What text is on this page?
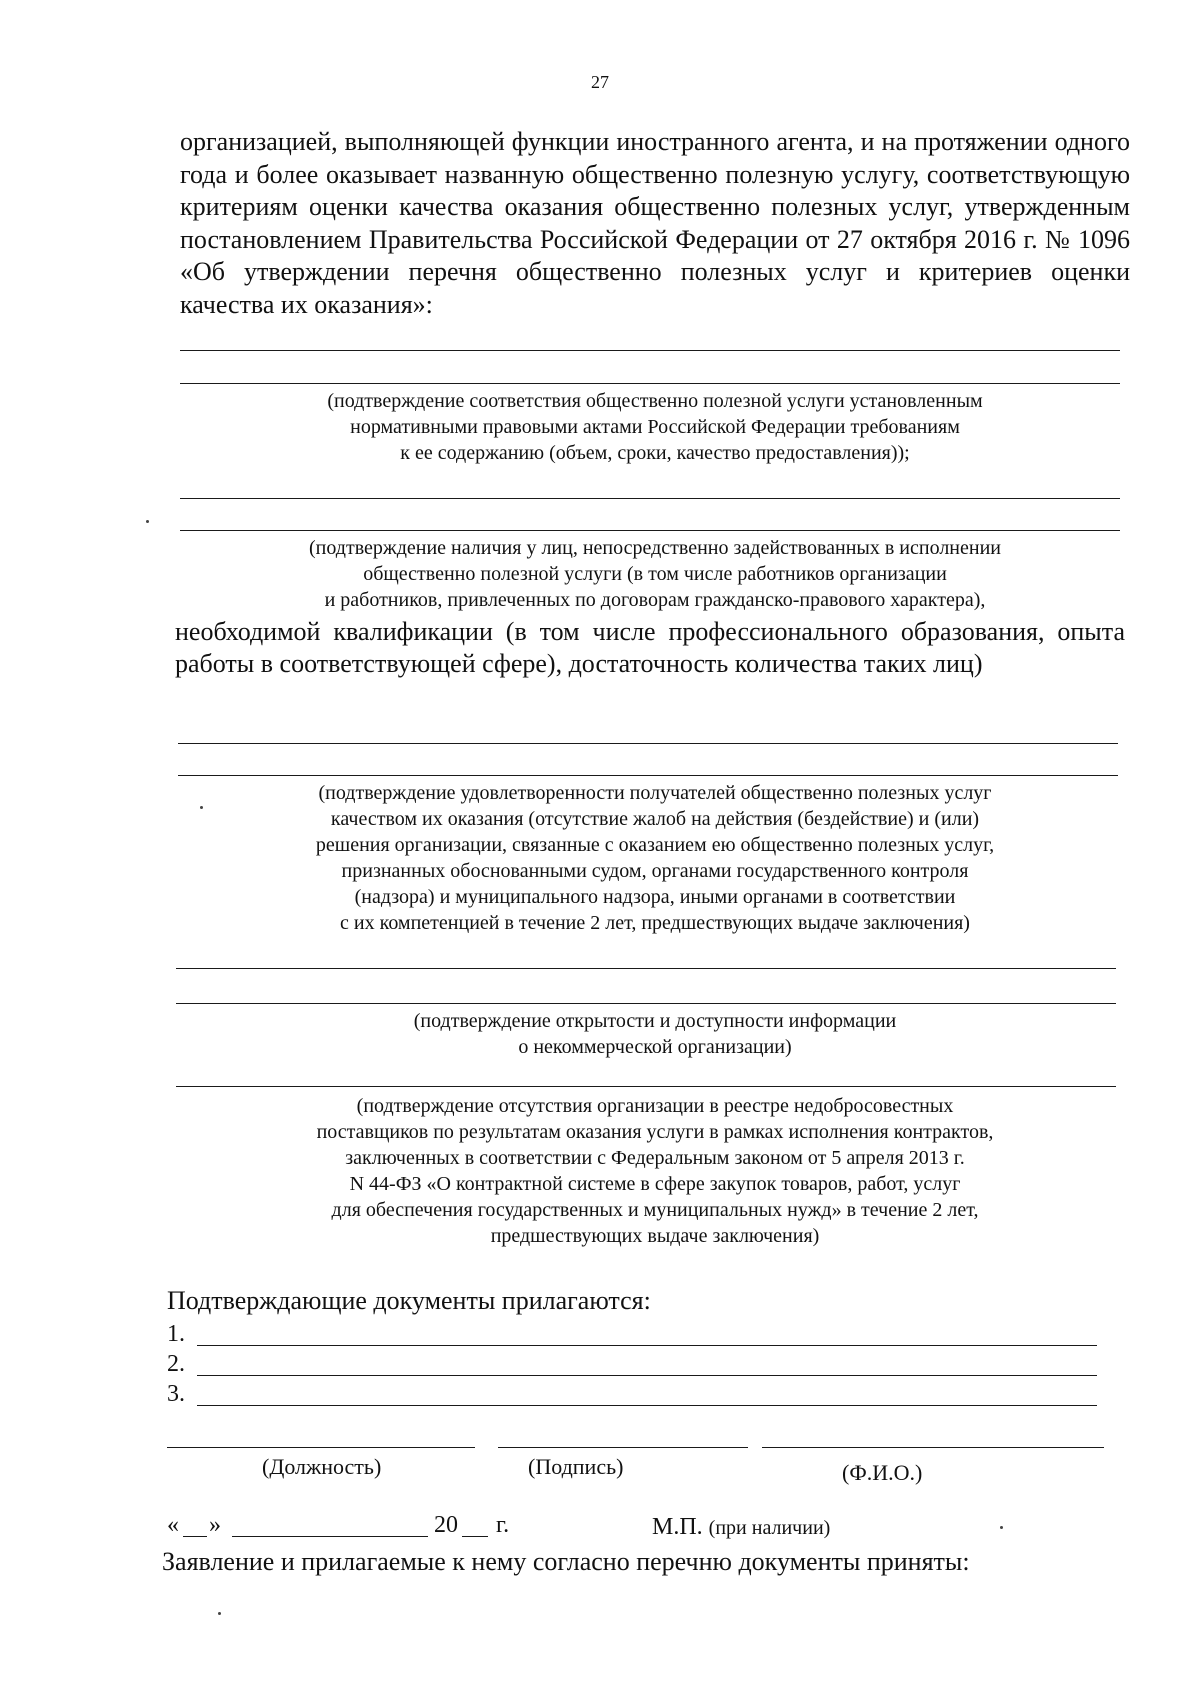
27
организацией, выполняющей функции иностранного агента, и на протяжении одного года и более оказывает названную общественно полезную услугу, соответствующую критериям оценки качества оказания общественно полезных услуг, утвержденным постановлением Правительства Российской Федерации от 27 октября 2016 г. № 1096 «Об утверждении перечня общественно полезных услуг и критериев оценки качества их оказания»:
(подтверждение соответствия общественно полезной услуги установленным
нормативными правовыми актами Российской Федерации требованиям
к ее содержанию (объем, сроки, качество предоставления));
(подтверждение наличия у лиц, непосредственно задействованных в исполнении
общественно полезной услуги (в том числе работников организации
и работников, привлеченных по договорам гражданско-правового характера),
необходимой квалификации (в том числе профессионального образования, опыта работы в соответствующей сфере), достаточность количества таких лиц)
(подтверждение удовлетворенности получателей общественно полезных услуг
качеством их оказания (отсутствие жалоб на действия (бездействие) и (или)
решения организации, связанные с оказанием ею общественно полезных услуг,
признанных обоснованными судом, органами государственного контроля
(надзора) и муниципального надзора, иными органами в соответствии
с их компетенцией в течение 2 лет, предшествующих выдаче заключения)
(подтверждение открытости и доступности информации
о некоммерческой организации)
(подтверждение отсутствия организации в реестре недобросовестных
поставщиков по результатам оказания услуги в рамках исполнения контрактов,
заключенных в соответствии с Федеральным законом от 5 апреля 2013 г.
N 44-ФЗ «О контрактной системе в сфере закупок товаров, работ, услуг
для обеспечения государственных и муниципальных нужд» в течение 2 лет,
предшествующих выдаче заключения)
Подтверждающие документы прилагаются:
1.
2.
3.
(Должность)	(Подпись)	(Ф.И.О.)
« »	20 г.	М.П. (при наличии)
Заявление и прилагаемые к нему согласно перечню документы приняты:
